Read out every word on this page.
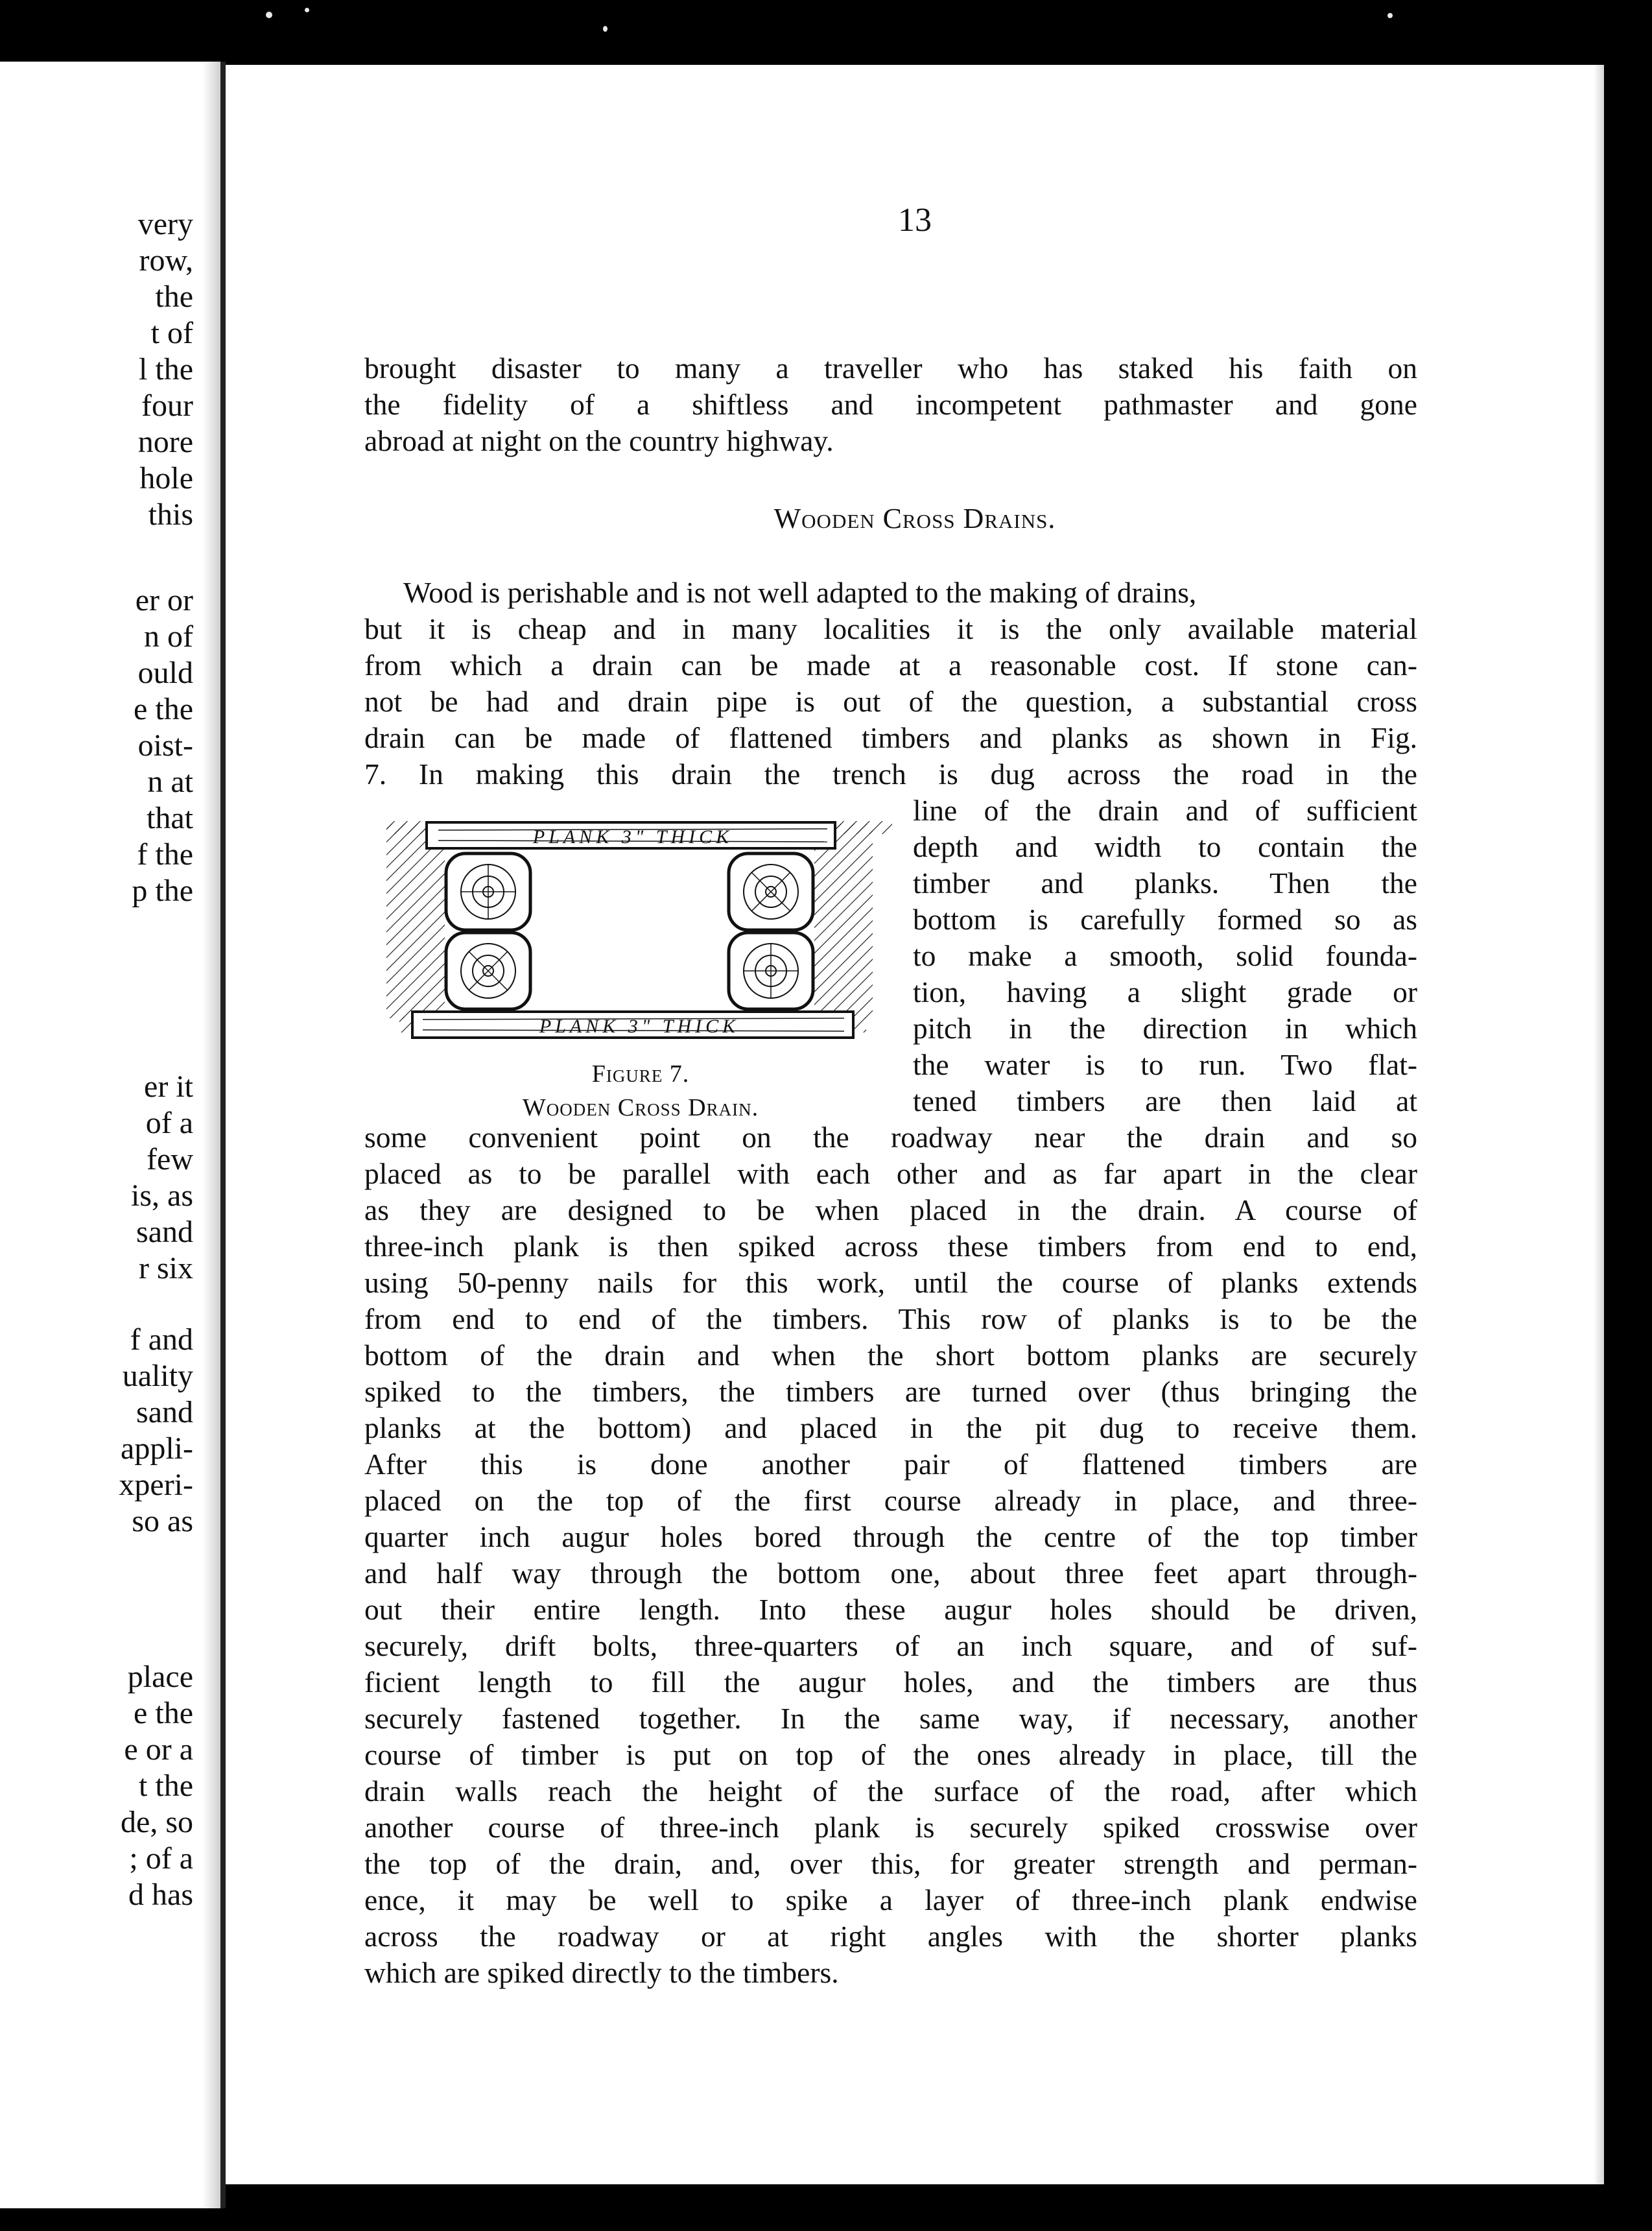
very
row,
the
t of
l the
four
nore
hole
this
er or
n of
ould
e the
oist-
n at
that
f the
p the
er it
of a
few
is, as
sand
r six
f and
uality
sand
appli-
xperi-
so as
place
e the
e or a
t the
de, so
; of a
d has
13
brought disaster to many a traveller who has staked his faith on
the fidelity of a shiftless and incompetent pathmaster and gone
abroad at night on the country highway.
Wooden Cross Drains.
Wood is perishable and is not well adapted to the making of drains,
but it is cheap and in many localities it is the only available material
from which a drain can be made at a reasonable cost. If stone can-
not be had and drain pipe is out of the question, a substantial cross
drain can be made of flattened timbers and planks as shown in Fig.
7. In making this drain the trench is dug across the road in the
line of the drain and of sufficient
depth and width to contain the
timber and planks. Then the
bottom is carefully formed so as
to make a smooth, solid founda-
tion, having a slight grade or
pitch in the direction in which
the water is to run. Two flat-
tened timbers are then laid at
PLANK 3" THICK
PLANK 3" THICK
Figure 7.
Wooden Cross Drain.
some convenient point on the roadway near the drain and so
placed as to be parallel with each other and as far apart in the clear
as they are designed to be when placed in the drain. A course of
three-inch plank is then spiked across these timbers from end to end,
using 50-penny nails for this work, until the course of planks extends
from end to end of the timbers. This row of planks is to be the
bottom of the drain and when the short bottom planks are securely
spiked to the timbers, the timbers are turned over (thus bringing the
planks at the bottom) and placed in the pit dug to receive them.
After this is done another pair of flattened timbers are
placed on the top of the first course already in place, and three-
quarter inch augur holes bored through the centre of the top timber
and half way through the bottom one, about three feet apart through-
out their entire length. Into these augur holes should be driven,
securely, drift bolts, three-quarters of an inch square, and of suf-
ficient length to fill the augur holes, and the timbers are thus
securely fastened together. In the same way, if necessary, another
course of timber is put on top of the ones already in place, till the
drain walls reach the height of the surface of the road, after which
another course of three-inch plank is securely spiked crosswise over
the top of the drain, and, over this, for greater strength and perman-
ence, it may be well to spike a layer of three-inch plank endwise
across the roadway or at right angles with the shorter planks
which are spiked directly to the timbers.
